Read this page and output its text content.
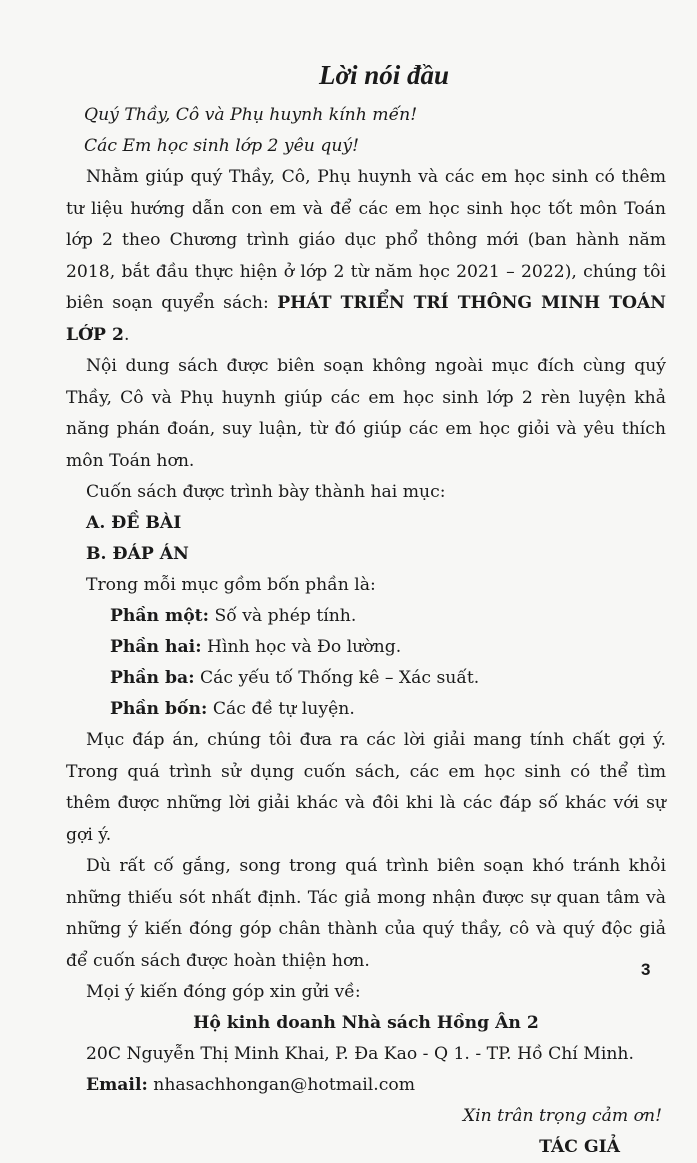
Lời nói đầu
Quý Thầy, Cô và Phụ huynh kính mến!
Các Em học sinh lớp 2 yêu quý!
Nhằm giúp quý Thầy, Cô, Phụ huynh và các em học sinh có thêm tư liệu hướng dẫn con em và để các em học sinh học tốt môn Toán lớp 2 theo Chương trình giáo dục phổ thông mới (ban hành năm 2018, bắt đầu thực hiện ở lớp 2 từ năm học 2021 – 2022), chúng tôi biên soạn quyển sách: PHÁT TRIỂN TRÍ THÔNG MINH TOÁN LỚP 2.
Nội dung sách được biên soạn không ngoài mục đích cùng quý Thầy, Cô và Phụ huynh giúp các em học sinh lớp 2 rèn luyện khả năng phán đoán, suy luận, từ đó giúp các em học giỏi và yêu thích môn Toán hơn.
Cuốn sách được trình bày thành hai mục:
A. ĐỀ BÀI
B. ĐÁP ÁN
Trong mỗi mục gồm bốn phần là:
Phần một: Số và phép tính.
Phần hai: Hình học và Đo lường.
Phần ba: Các yếu tố Thống kê – Xác suất.
Phần bốn: Các đề tự luyện.
Mục đáp án, chúng tôi đưa ra các lời giải mang tính chất gợi ý. Trong quá trình sử dụng cuốn sách, các em học sinh có thể tìm thêm được những lời giải khác và đôi khi là các đáp số khác với sự gợi ý.
Dù rất cố gắng, song trong quá trình biên soạn khó tránh khỏi những thiếu sót nhất định. Tác giả mong nhận được sự quan tâm và những ý kiến đóng góp chân thành của quý thầy, cô và quý độc giả để cuốn sách được hoàn thiện hơn.
Mọi ý kiến đóng góp xin gửi về:
Hộ kinh doanh Nhà sách Hồng Ân 2
20C Nguyễn Thị Minh Khai, P. Đa Kao - Q 1. - TP. Hồ Chí Minh.
Email: nhasachhongan@hotmail.com
Xin trân trọng cảm ơn!
TÁC GIẢ
3
